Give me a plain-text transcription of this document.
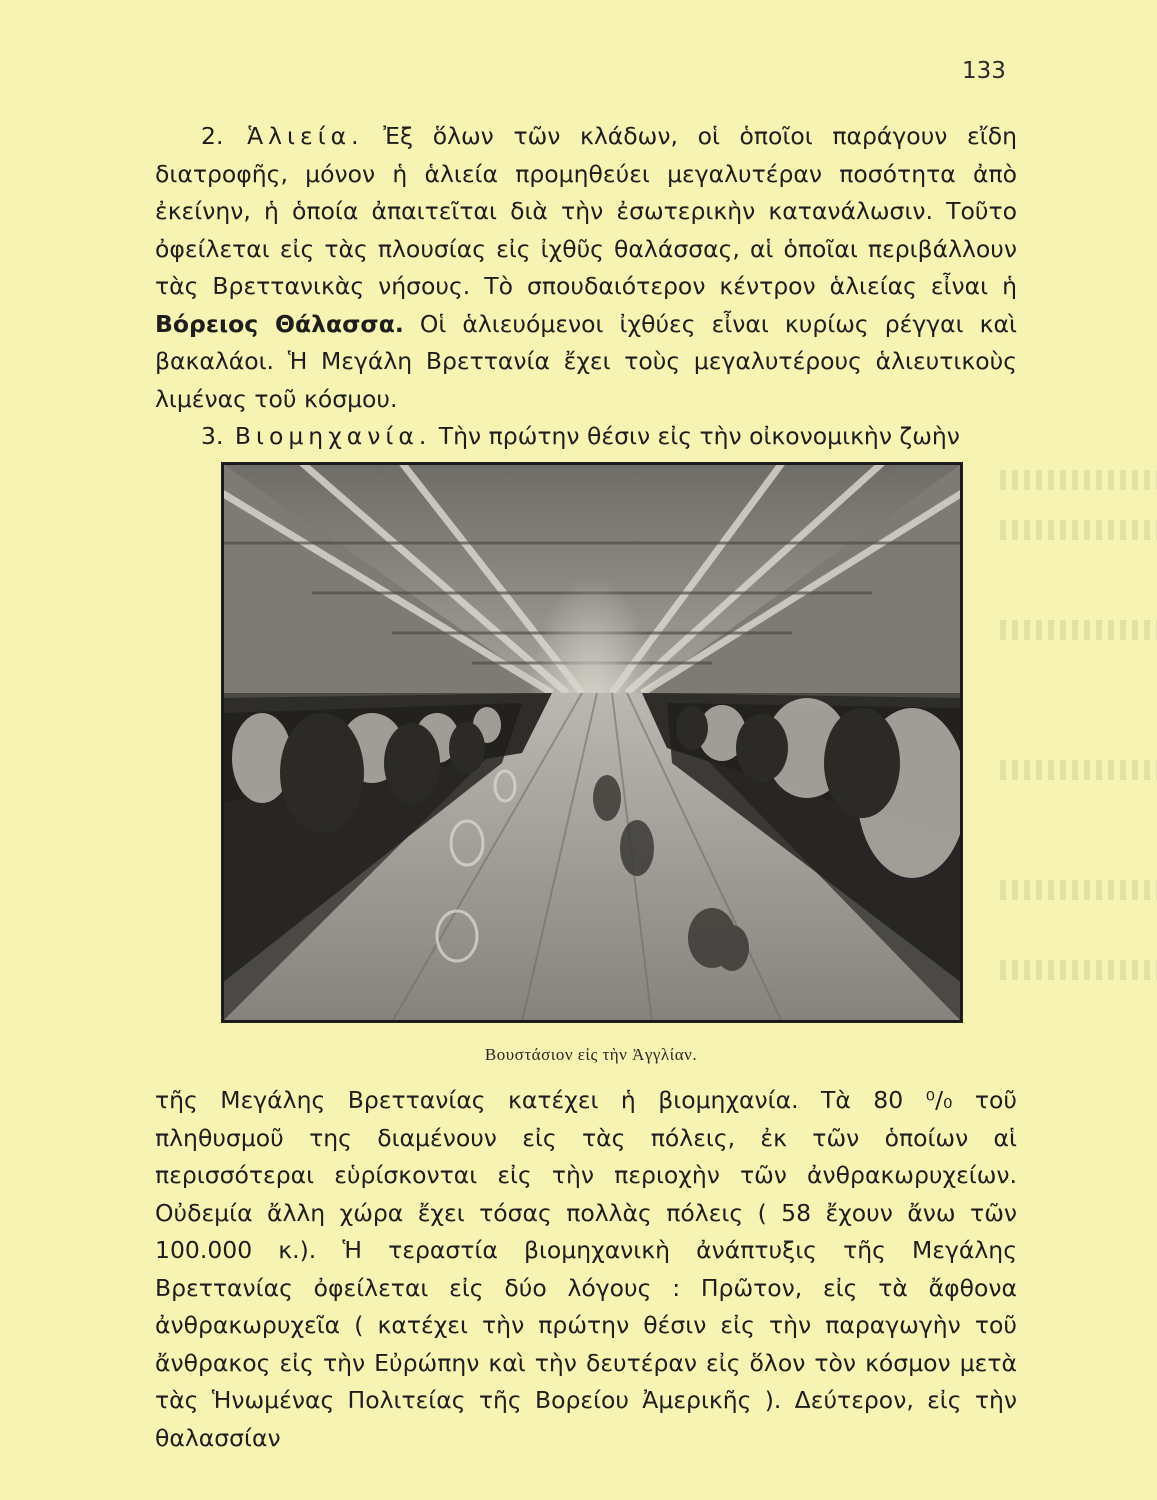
133

2. Ἁλιεία. Ἐξ ὅλων τῶν κλάδων, οἱ ὁποῖοι παράγουν εἴδη διατροφῆς, μόνον ἡ ἁλιεία προμηθεύει μεγαλυτέραν ποσότητα ἀπὸ ἐκείνην, ἡ ὁποία ἀπαιτεῖται διὰ τὴν ἐσωτερικὴν κατανάλωσιν. Τοῦτο ὀφείλεται εἰς τὰς πλουσίας εἰς ἰχθῦς θαλάσσας, αἱ ὁποῖαι περιβάλλουν τὰς Βρεττανικὰς νήσους. Τὸ σπουδαιότερον κέντρον ἁλιείας εἶναι ἡ Βόρειος Θάλασσα. Οἱ ἁλιευόμενοι ἰχθύες εἶναι κυρίως ρέγγαι καὶ βακαλάοι. Ἡ Μεγάλη Βρεττανία ἔχει τοὺς μεγαλυτέρους ἁλιευτικοὺς λιμένας τοῦ κόσμου.

3. Βιομηχανία. Τὴν πρώτην θέσιν εἰς τὴν οἰκονομικὴν ζωὴν

Βουστάσιον εἰς τὴν Ἀγγλίαν.

τῆς Μεγάλης Βρεττανίας κατέχει ἡ βιομηχανία. Τὰ 80 ⁰/₀ τοῦ πληθυσμοῦ της διαμένουν εἰς τὰς πόλεις, ἐκ τῶν ὁποίων αἱ περισσότεραι εὑρίσκονται εἰς τὴν περιοχὴν τῶν ἀνθρακωρυχείων. Οὐδεμία ἄλλη χώρα ἔχει τόσας πολλὰς πόλεις ( 58 ἔχουν ἄνω τῶν 100.000 κ.). Ἡ τεραστία βιομηχανικὴ ἀνάπτυξις τῆς Μεγάλης Βρεττανίας ὀφείλεται εἰς δύο λόγους : Πρῶτον, εἰς τὰ ἄφθονα ἀνθρακωρυχεῖα ( κατέχει τὴν πρώτην θέσιν εἰς τὴν παραγωγὴν τοῦ ἄνθρακος εἰς τὴν Εὐρώπην καὶ τὴν δευτέραν εἰς ὅλον τὸν κόσμον μετὰ τὰς Ἡνωμένας Πολιτείας τῆς Βορείου Ἀμερικῆς ). Δεύτερον, εἰς τὴν θαλασσίαν
